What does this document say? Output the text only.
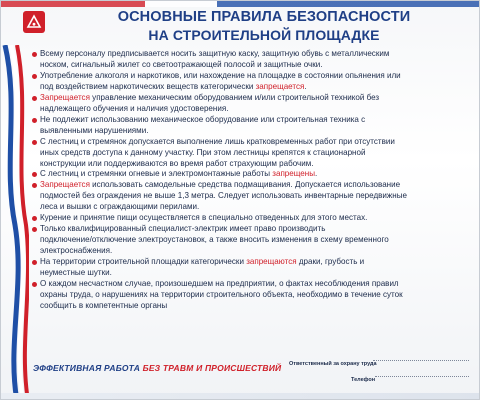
ОСНОВНЫЕ ПРАВИЛА БЕЗОПАСНОСТИ
НА СТРОИТЕЛЬНОЙ ПЛОЩАДКЕ
Всему персоналу предписывается носить защитную каску, защитную обувь с металлическим
носком, сигнальный жилет со светоотражающей полосой и защитные очки.
Употребление алкоголя и наркотиков, или нахождение на площадке в состоянии опьянения или
под воздействием наркотических веществ категорически запрещается.
Запрещается управление механическим оборудованием и/или строительной техникой без
надлежащего обучения и наличия удостоверения.
Не подлежит использованию механическое оборудование или строительная техника с
выявленными нарушениями.
С лестниц и стремянок допускается выполнение лишь кратковременных работ при отсутствии
иных средств доступа к данному участку. При этом лестницы крепятся к стационарной
конструкции или поддерживаются во время работ страхующим рабочим.
С лестниц и стремянки огневые и электромонтажные работы запрещены.
Запрещается использовать самодельные средства подмащивания. Допускается использование
подмостей без ограждения не выше 1,3 метра. Следует использовать инвентарные передвижные
леса и вышки с ограждающими перилами.
Курение и принятие пищи осуществляется в специально отведенных для этого местах.
Только квалифицированный специалист-электрик имеет право производить
подключение/отключение электроустановок, а также вносить изменения в схему временного
электроснабжения.
На территории строительной площадки категорически запрещаются драки, грубость и
неуместные шутки.
О каждом несчастном случае, произошедшем на предприятии, о фактах несоблюдения правил
охраны труда, о нарушениях на территории строительного объекта, необходимо в течение суток
сообщить в компетентные органы
ЭФФЕКТИВНАЯ РАБОТА БЕЗ ТРАВМ И ПРОИСШЕСТВИЙ Ответственный за охрану труда
Телефон
